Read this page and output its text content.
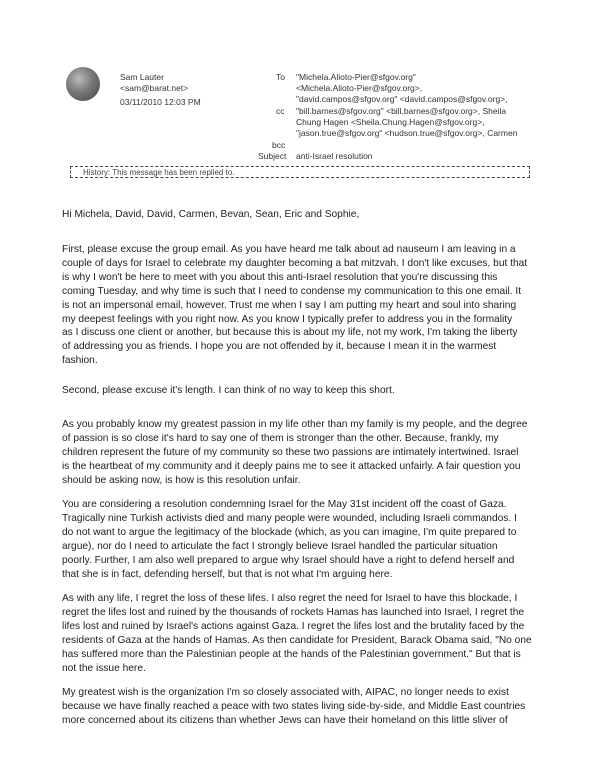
Sam Lauter
<sam@barat.net>
03/11/2010 12:03 PM
To "Michela.Alioto-Pier@sfgov.org"
<Michela.Alioto-Pier@sfgov.org>,
"david.campos@sfgov.org" <david.campos@sfgov.org>,
cc "bill.barnes@sfgov.org" <bill.barnes@sfgov.org>, Sheila
Chung Hagen <Sheila.Chung.Hagen@sfgov.org>,
"jason.true@sfgov.org" <hudson.true@sfgov.org>, Carmen
bcc
Subject anti-Israel resolution
History: This message has been replied to.
Hi Michela, David, David, Carmen, Bevan, Sean, Eric and Sophie,
First, please excuse the group email. As you have heard me talk about ad nauseum I am leaving in a
couple of days for Israel to celebrate my daughter becoming a bat mitzvah. I don't like excuses, but that
is why I won't be here to meet with you about this anti-Israel resolution that you're discussing this
coming Tuesday, and why time is such that I need to condense my communication to this one email. It
is not an impersonal email, however. Trust me when I say I am putting my heart and soul into sharing
my deepest feelings with you right now. As you know I typically prefer to address you in the formality
as I discuss one client or another, but because this is about my life, not my work, I'm taking the liberty
of addressing you as friends. I hope you are not offended by it, because I mean it in the warmest
fashion.
Second, please excuse it's length. I can think of no way to keep this short.
As you probably know my greatest passion in my life other than my family is my people, and the degree
of passion is so close it's hard to say one of them is stronger than the other. Because, frankly, my
children represent the future of my community so these two passions are intimately intertwined. Israel
is the heartbeat of my community and it deeply pains me to see it attacked unfairly. A fair question you
should be asking now, is how is this resolution unfair.
You are considering a resolution condemning Israel for the May 31st incident off the coast of Gaza.
Tragically nine Turkish activists died and many people were wounded, including Israeli commandos. I
do not want to argue the legitimacy of the blockade (which, as you can imagine, I'm quite prepared to
argue), nor do I need to articulate the fact I strongly believe Israel handled the particular situation
poorly. Further, I am also well prepared to argue why Israel should have a right to defend herself and
that she is in fact, defending herself, but that is not what I'm arguing here.
As with any life, I regret the loss of these lifes. I also regret the need for Israel to have this blockade, I
regret the lifes lost and ruined by the thousands of rockets Hamas has launched into Israel, I regret the
lifes lost and ruined by Israel's actions against Gaza. I regret the lifes lost and the brutality faced by the
residents of Gaza at the hands of Hamas. As then candidate for President, Barack Obama said, "No one
has suffered more than the Palestinian people at the hands of the Palestinian government." But that is
not the issue here.
My greatest wish is the organization I'm so closely associated with, AIPAC, no longer needs to exist
because we have finally reached a peace with two states living side-by-side, and Middle East countries
more concerned about its citizens than whether Jews can have their homeland on this little sliver of
